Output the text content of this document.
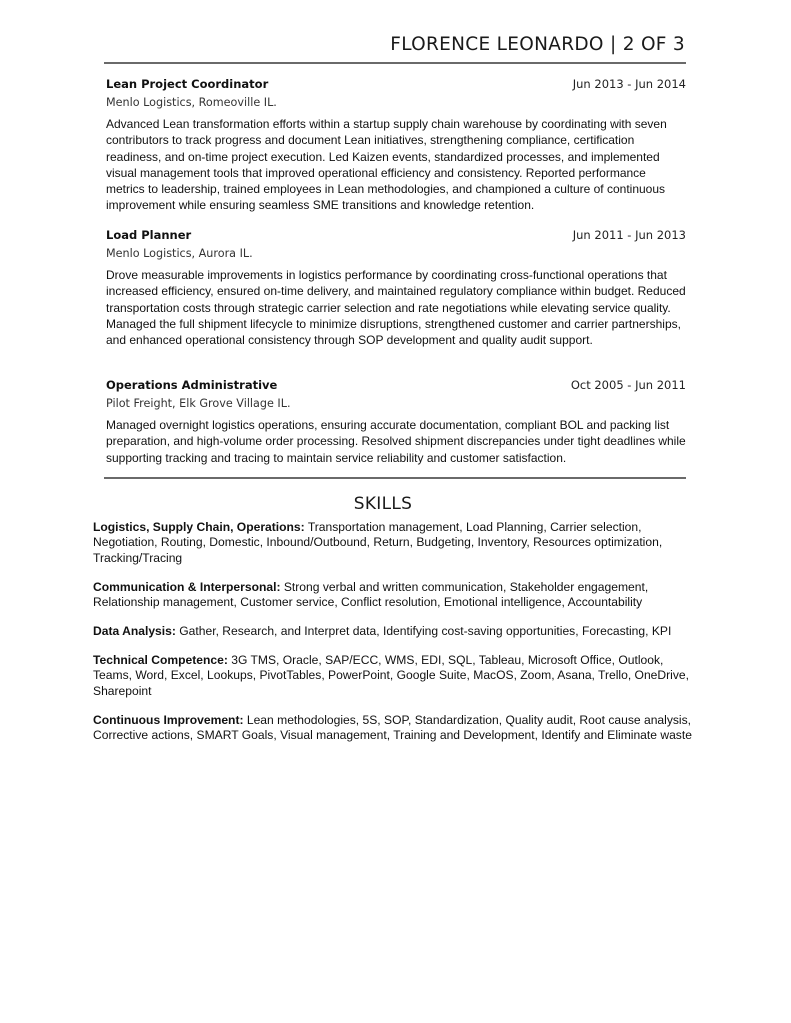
FLORENCE LEONARDO | 2 OF 3
Lean Project Coordinator	Jun 2013 - Jun 2014
Menlo Logistics, Romeoville IL.
Advanced Lean transformation efforts within a startup supply chain warehouse by coordinating with seven contributors to track progress and document Lean initiatives, strengthening compliance, certification readiness, and on-time project execution. Led Kaizen events, standardized processes, and implemented visual management tools that improved operational efficiency and consistency. Reported performance metrics to leadership, trained employees in Lean methodologies, and championed a culture of continuous improvement while ensuring seamless SME transitions and knowledge retention.
Load Planner	Jun 2011 - Jun 2013
Menlo Logistics, Aurora IL.
Drove measurable improvements in logistics performance by coordinating cross-functional operations that increased efficiency, ensured on-time delivery, and maintained regulatory compliance within budget. Reduced transportation costs through strategic carrier selection and rate negotiations while elevating service quality. Managed the full shipment lifecycle to minimize disruptions, strengthened customer and carrier partnerships, and enhanced operational consistency through SOP development and quality audit support.
Operations Administrative	Oct 2005 - Jun 2011
Pilot Freight, Elk Grove Village IL.
Managed overnight logistics operations, ensuring accurate documentation, compliant BOL and packing list preparation, and high-volume order processing. Resolved shipment discrepancies under tight deadlines while supporting tracking and tracing to maintain service reliability and customer satisfaction.
SKILLS
Logistics, Supply Chain, Operations: Transportation management, Load Planning, Carrier selection, Negotiation, Routing, Domestic, Inbound/Outbound, Return, Budgeting, Inventory, Resources optimization, Tracking/Tracing
Communication & Interpersonal: Strong verbal and written communication, Stakeholder engagement, Relationship management, Customer service, Conflict resolution, Emotional intelligence, Accountability
Data Analysis: Gather, Research, and Interpret data, Identifying cost-saving opportunities, Forecasting, KPI
Technical Competence: 3G TMS, Oracle, SAP/ECC, WMS, EDI, SQL, Tableau, Microsoft Office, Outlook, Teams, Word, Excel, Lookups, PivotTables, PowerPoint, Google Suite, MacOS, Zoom, Asana, Trello, OneDrive, Sharepoint
Continuous Improvement: Lean methodologies, 5S, SOP, Standardization, Quality audit, Root cause analysis, Corrective actions, SMART Goals, Visual management, Training and Development, Identify and Eliminate waste
